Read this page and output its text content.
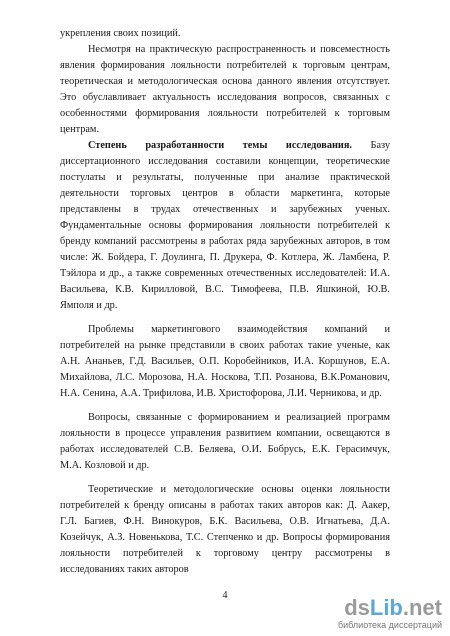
укрепления своих позиций.

Несмотря на практическую распространенность и повсеместность явления формирования лояльности потребителей к торговым центрам, теоретическая и методологическая основа данного явления отсутствует. Это обуславливает актуальность исследования вопросов, связанных с особенностями формирования лояльности потребителей к торговым центрам.

Степень разработанности темы исследования. Базу диссертационного исследования составили концепции, теоретические постулаты и результаты, полученные при анализе практической деятельности торговых центров в области маркетинга, которые представлены в трудах отечественных и зарубежных ученых. Фундаментальные основы формирования лояльности потребителей к бренду компаний рассмотрены в работах ряда зарубежных авторов, в том числе: Ж. Бойдера, Г. Доулинга, П. Друкера, Ф. Котлера, Ж. Ламбена, Р. Тэйлора и др., а также современных отечественных исследователей: И.А. Васильева, К.В. Кирилловой, В.С. Тимофеева, П.В. Яшкиной, Ю.В. Ямполя и др.

Проблемы маркетингового взаимодействия компаний и потребителей на рынке представили в своих работах такие ученые, как А.Н. Ананьев, Г.Д. Васильев, О.П. Коробейников, И.А. Коршунов, Е.А. Михайлова, Л.С. Морозова, Н.А. Носкова, Т.П. Розанова, В.К.Романович, Н.А. Сенина, А.А. Трифилова, И.В. Христофорова, Л.И. Черникова, и др.

Вопросы, связанные с формированием и реализацией программ лояльности в процессе управления развитием компании, освещаются в работах исследователей С.В. Беляева, О.И. Бобрусь, Е.К. Герасимчук, М.А. Козловой и др.

Теоретические и методологические основы оценки лояльности потребителей к бренду описаны в работах таких авторов как: Д. Аакер, Г.Л. Багиев, Ф.Н. Винокуров, Б.К. Васильева, О.В. Игнатьева, Д.А. Козейчук, А.З. Новенькова, Т.С. Степченко и др. Вопросы формирования лояльности потребителей к торговому центру рассмотрены в исследованиях таких авторов

4	dsLib.net
библиотека диссертаций
